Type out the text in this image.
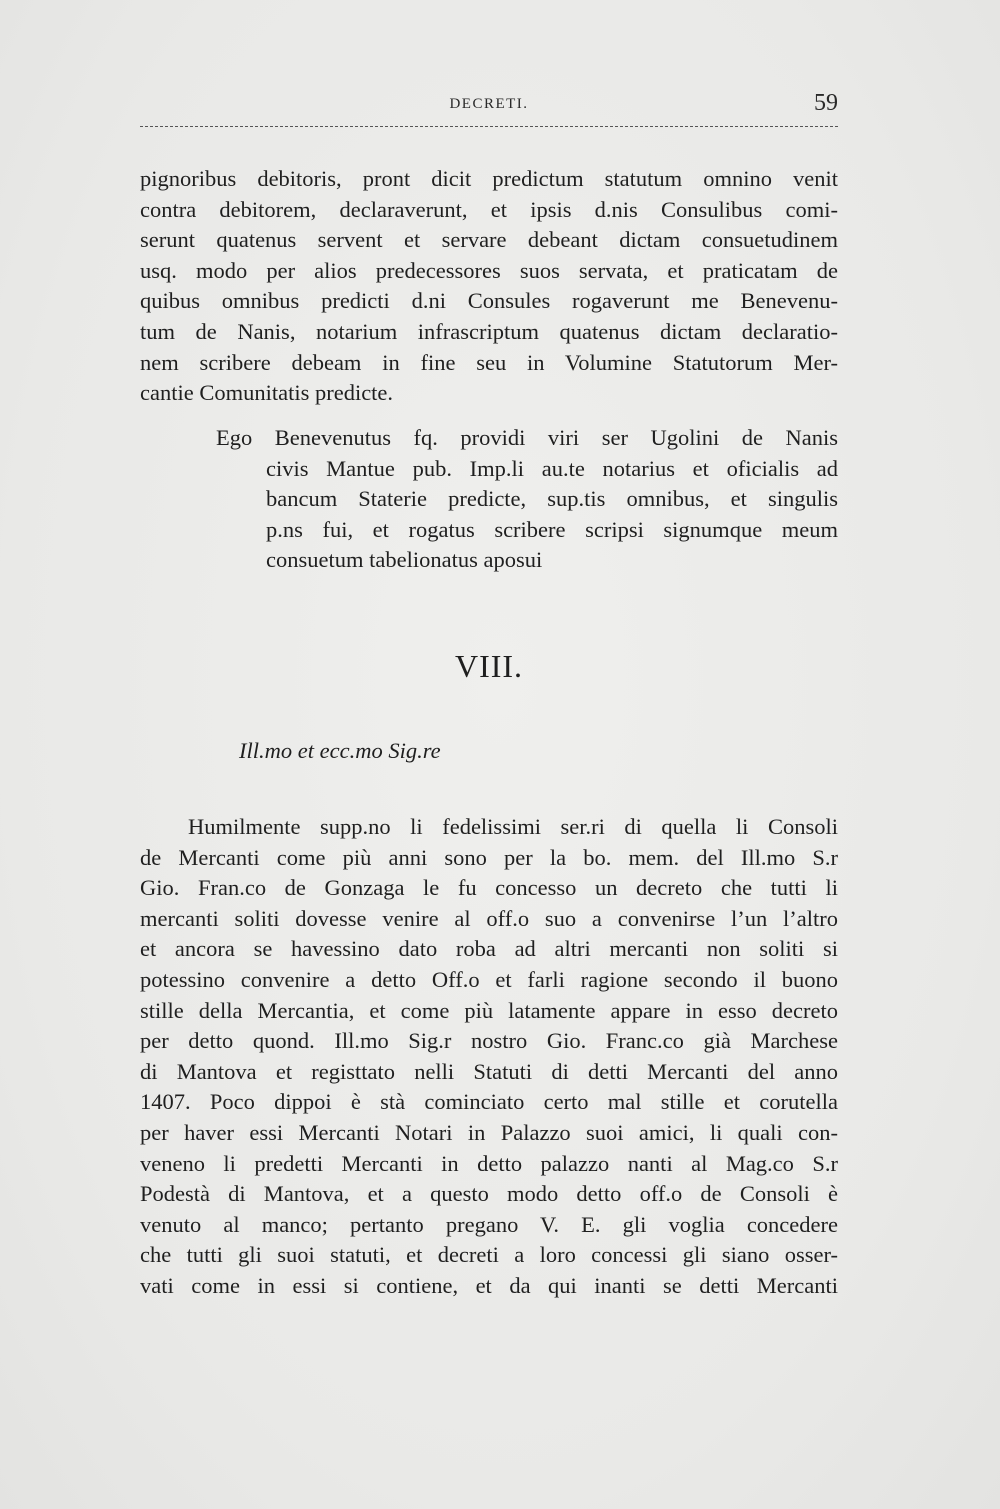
DECRETI.	59
pignoribus debitoris, pront dicit predictum statutum omnino venit
contra debitorem, declaraverunt, et ipsis d.nis Consulibus comi-
serunt quatenus servent et servare debeant dictam consuetudinem
usq. modo per alios predecessores suos servata, et praticatam de
quibus omnibus predicti d.ni Consules rogaverunt me Benevenu-
tum de Nanis, notarium infrascriptum quatenus dictam declaratio-
nem scribere debeam in fine seu in Volumine Statutorum Mer-
cantie Comunitatis predicte.
Ego Benevenutus fq. providi viri ser Ugolini de Nanis
civis Mantue pub. Imp.li au.te notarius et oficialis ad
bancum Staterie predicte, sup.tis omnibus, et singulis
p.ns fui, et rogatus scribere scripsi signumque meum
consuetum tabelionatus aposui
VIII.
Ill.mo et ecc.mo Sig.re
Humilmente supp.no li fedelissimi ser.ri di quella li Consoli
de Mercanti come più anni sono per la bo. mem. del Ill.mo S.r
Gio. Fran.co de Gonzaga le fu concesso un decreto che tutti li
mercanti soliti dovesse venire al off.o suo a convenirse l’un l’altro
et ancora se havessino dato roba ad altri mercanti non soliti si
potessino convenire a detto Off.o et farli ragione secondo il buono
stille della Mercantia, et come più latamente appare in esso decreto
per detto quond. Ill.mo Sig.r nostro Gio. Franc.co già Marchese
di Mantova et registtato nelli Statuti di detti Mercanti del anno
1407. Poco dippoi è stà cominciato certo mal stille et corutella
per haver essi Mercanti Notari in Palazzo suoi amici, li quali con-
veneno li predetti Mercanti in detto palazzo nanti al Mag.co S.r
Podestà di Mantova, et a questo modo detto off.o de Consoli è
venuto al manco; pertanto pregano V. E. gli voglia concedere
che tutti gli suoi statuti, et decreti a loro concessi gli siano osser-
vati come in essi si contiene, et da qui inanti se detti Mercanti
